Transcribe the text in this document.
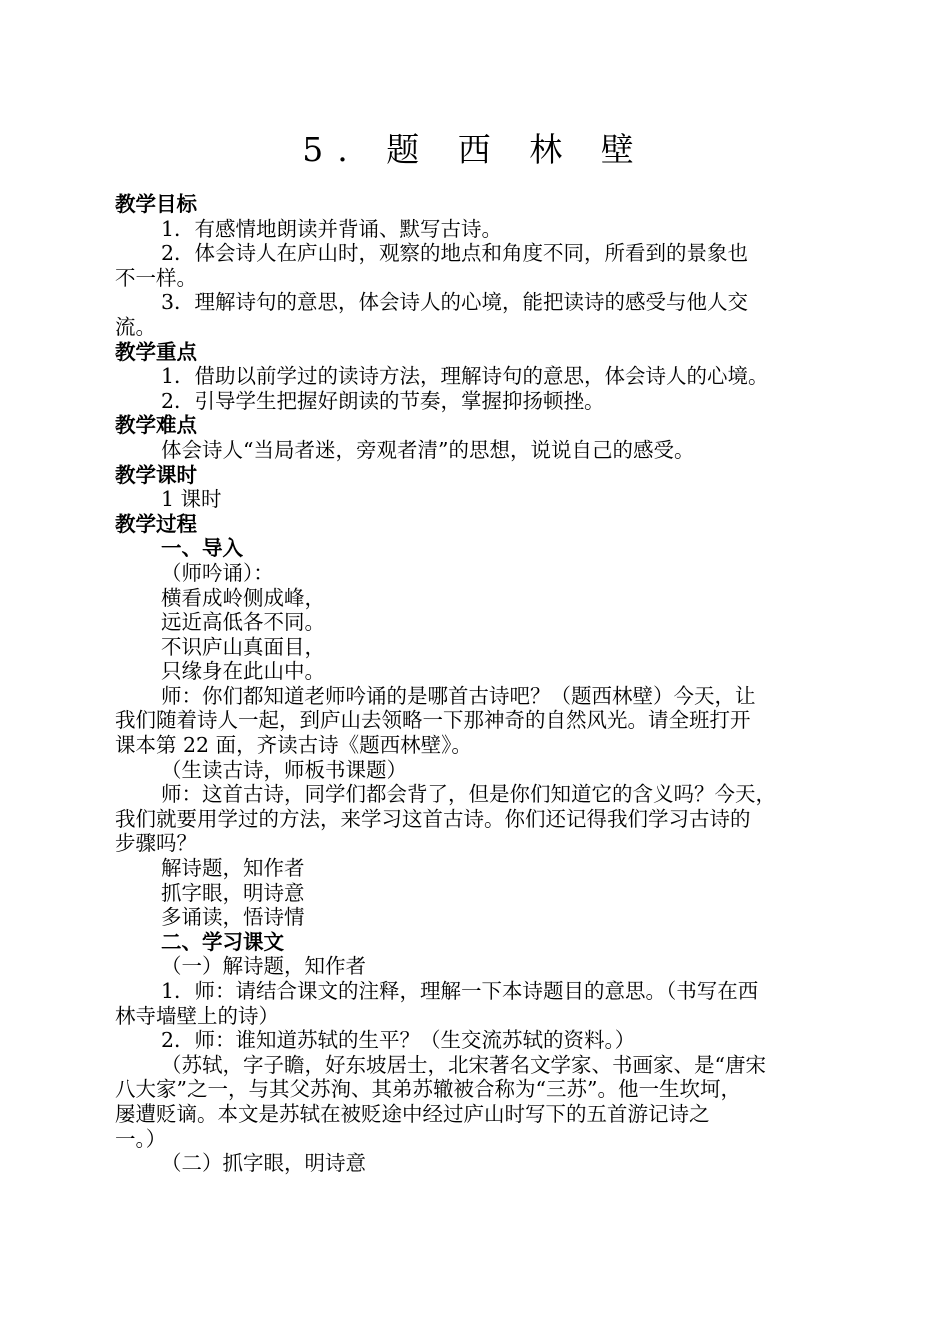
5. 题 西 林 壁
教学目标
1．有感情地朗读并背诵、默写古诗。
2．体会诗人在庐山时，观察的地点和角度不同，所看到的景象也
不一样。
3．理解诗句的意思，体会诗人的心境，能把读诗的感受与他人交
流。
教学重点
1．借助以前学过的读诗方法，理解诗句的意思，体会诗人的心境。
2．引导学生把握好朗读的节奏，掌握抑扬顿挫。
教学难点
体会诗人“当局者迷，旁观者清”的思想，说说自己的感受。
教学课时
1 课时
教学过程
一、导入
（师吟诵）：
横看成岭侧成峰，
远近高低各不同。
不识庐山真面目，
只缘身在此山中。
师：你们都知道老师吟诵的是哪首古诗吧？（题西林壁）今天，让
我们随着诗人一起，到庐山去领略一下那神奇的自然风光。请全班打开
课本第 22 面，齐读古诗《题西林壁》。
（生读古诗，师板书课题）
师：这首古诗，同学们都会背了，但是你们知道它的含义吗？今天，
我们就要用学过的方法，来学习这首古诗。你们还记得我们学习古诗的
步骤吗？
解诗题，知作者
抓字眼，明诗意
多诵读，悟诗情
二、学习课文
（一）解诗题，知作者
1．师：请结合课文的注释，理解一下本诗题目的意思。（书写在西
林寺墙壁上的诗）
2．师：谁知道苏轼的生平？（生交流苏轼的资料。）
（苏轼，字子瞻，好东坡居士，北宋著名文学家、书画家、是“唐宋
八大家”之一，与其父苏洵、其弟苏辙被合称为“三苏”。他一生坎坷，
屡遭贬谪。本文是苏轼在被贬途中经过庐山时写下的五首游记诗之
一。）
（二）抓字眼，明诗意
